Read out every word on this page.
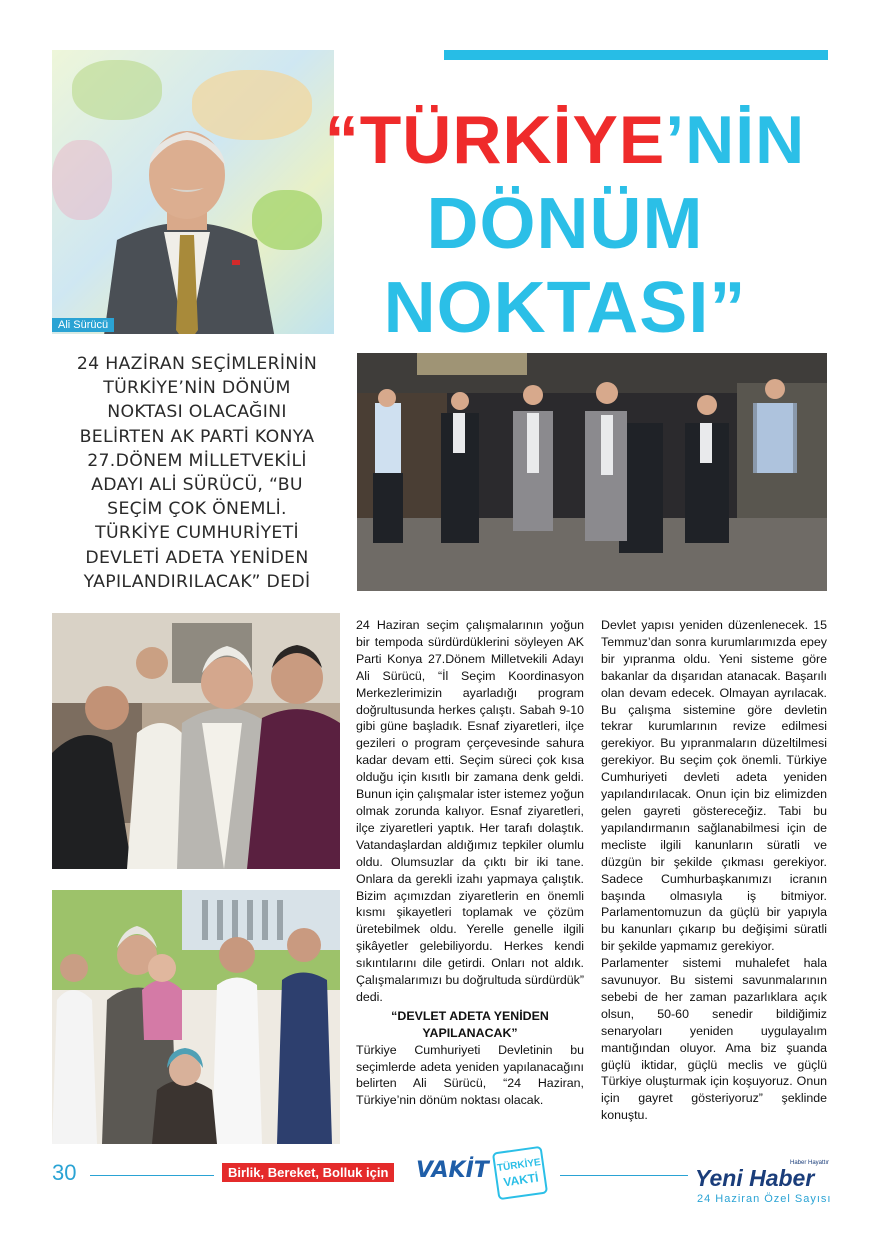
Ali Sürücü
“TÜRKİYE’NİN
DÖNÜM
NOKTASI”
24 HAZİRAN SEÇİMLERİNİN
TÜRKİYE’NİN DÖNÜM
NOKTASI OLACAĞINI
BELİRTEN AK PARTİ KONYA
27.DÖNEM MİLLETVEKİLİ
ADAYI ALİ SÜRÜCÜ, “BU
SEÇİM ÇOK ÖNEMLİ.
TÜRKİYE CUMHURİYETİ
DEVLETİ ADETA YENİDEN
YAPILANDIRILACAK” DEDİ

24 Haziran seçim çalışmalarının yoğun bir tempoda sürdürdüklerini söyleyen AK Parti Konya 27.Dönem Milletvekili Adayı Ali Sürücü, “İl Seçim Koordinasyon Merkezlerimizin ayarladığı program doğrultusunda herkes çalıştı. Sabah 9-10 gibi güne başladık. Esnaf ziyaretleri, ilçe gezileri o program çerçevesinde sahura kadar devam etti. Seçim süreci çok kısa olduğu için kısıtlı bir zamana denk geldi. Bunun için çalışmalar ister istemez yoğun olmak zorunda kalıyor. Esnaf ziyaretleri, ilçe ziyaretleri yaptık. Her tarafı dolaştık. Vatandaşlardan aldığımız tepkiler olumlu oldu. Olumsuzlar da çıktı bir iki tane. Onlara da gerekli izahı yapmaya çalıştık. Bizim açımızdan ziyaretlerin en önemli kısmı şikayetleri toplamak ve çözüm üretebilmek oldu. Yerelle genelle ilgili şikâyetler gelebiliyordu. Herkes kendi sıkıntılarını dile getirdi. Onları not aldık. Çalışmalarımızı bu doğrultuda sürdürdük” dedi.

“DEVLET ADETA YENİDEN
YAPILANACAK”

Türkiye Cumhuriyeti Devletinin bu seçimlerde adeta yeniden yapılanacağını belirten Ali Sürücü, “24 Haziran, Türkiye’nin dönüm noktası olacak.

Devlet yapısı yeniden düzenlenecek. 15 Temmuz’dan sonra kurumlarımızda epey bir yıpranma oldu. Yeni sisteme göre bakanlar da dışarıdan atanacak. Başarılı olan devam edecek. Olmayan ayrılacak. Bu çalışma sistemine göre devletin tekrar kurumlarının revize edilmesi gerekiyor. Bu yıpranmaların düzeltilmesi gerekiyor. Bu seçim çok önemli. Türkiye Cumhuriyeti devleti adeta yeniden yapılandırılacak. Onun için biz elimizden gelen gayreti göstereceğiz. Tabi bu yapılandırmanın sağlanabilmesi için de mecliste ilgili kanunların süratli ve düzgün bir şekilde çıkması gerekiyor. Sadece Cumhurbaşkanımızı icranın başında olmasıyla iş bitmiyor. Parlamentomuzun da güçlü bir yapıyla bu kanunları çıkarıp bu değişimi süratli bir şekilde yapmamız gerekiyor.

Parlamenter sistemi muhalefet hala savunuyor. Bu sistemi savunmalarının sebebi de her zaman pazarlıklara açık olsun, 50-60 senedir bildiğimiz senaryoları yeniden uygulayalım mantığından oluyor. Ama biz şuanda güçlü iktidar, güçlü meclis ve güçlü Türkiye oluşturmak için koşuyoruz. Onun için gayret gösteriyoruz” şeklinde konuştu.

30	Birlik, Bereket, Bolluk için VAKİT TÜRKİYE
VAKTİ
Haber Hayattır
Yeni Haber
24 Haziran Özel Sayısı
